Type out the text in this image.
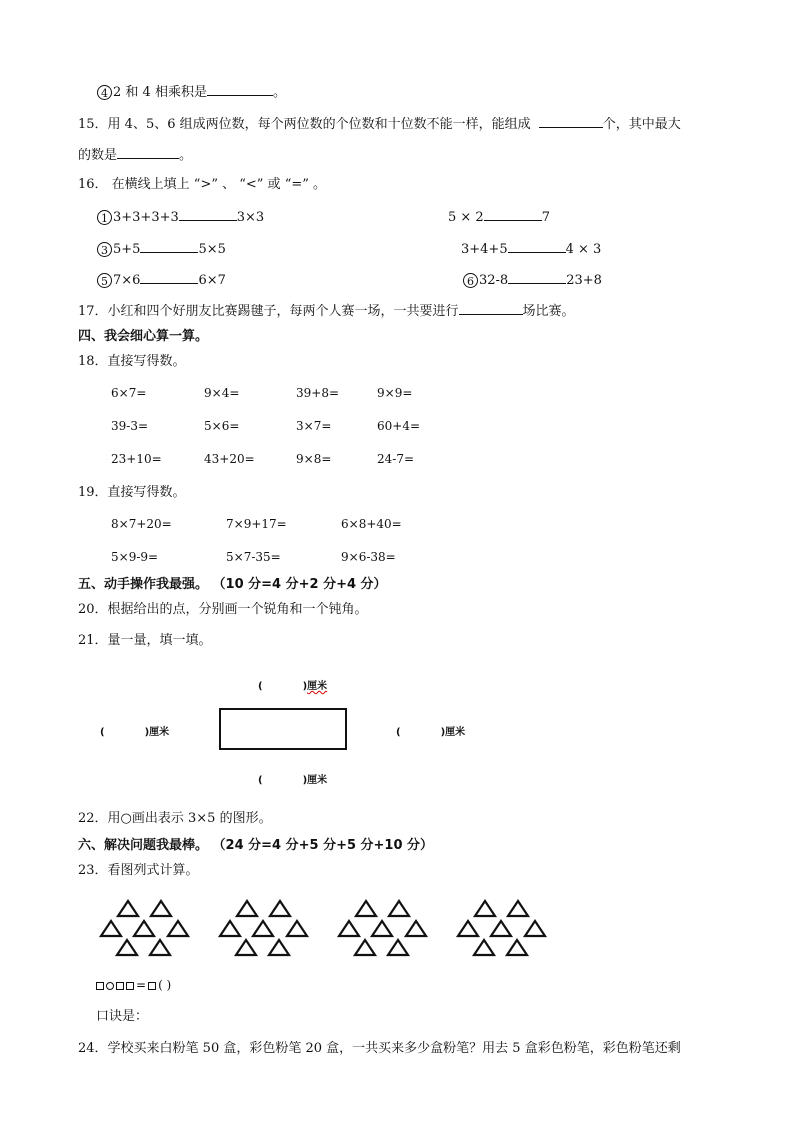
4 2 和 4 相乘积是	。
15．用 4、5、6 组成两位数，每个两位数的个位数和十位数不能一样，能组成	个，其中最大
的数是	。
16． 在横线上填上 “>” 、 “<” 或 “=” 。
1 3+3+3+3	3×3	5 × 2	7
3 5+5	5×5	3+4+5	4 × 3
5 7×6	6×7	6 32-8	23+8
17．小红和四个好朋友比赛踢毽子，每两个人赛一场，一共要进行	场比赛。
四、我会细心算一算。
18．直接写得数。
6×7=	9×4=	39+8=	9×9=
39-3=	5×6=	3×7=	60+4=
23+10=	43+20=	9×8=	24-7=
19．直接写得数。
8×7+20=	7×9+17=	6×8+40=
5×9-9=	5×7-35=	9×6-38=
五、动手操作我最强。 （10 分=4 分+2 分+4 分）
20．根据给出的点，分别画一个锐角和一个钝角。
21．量一量，填一填。
(	)厘米
(	)厘米	(	)厘米
(	)厘米
22．用○画出表示 3×5 的图形。
六、解决问题我最棒。 （24 分=4 分+5 分+5 分+10 分）
23．看图列式计算。
= ( )
口诀是：
24．学校买来白粉笔 50 盒，彩色粉笔 20 盒，一共买来多少盒粉笔？用去 5 盒彩色粉笔，彩色粉笔还剩
